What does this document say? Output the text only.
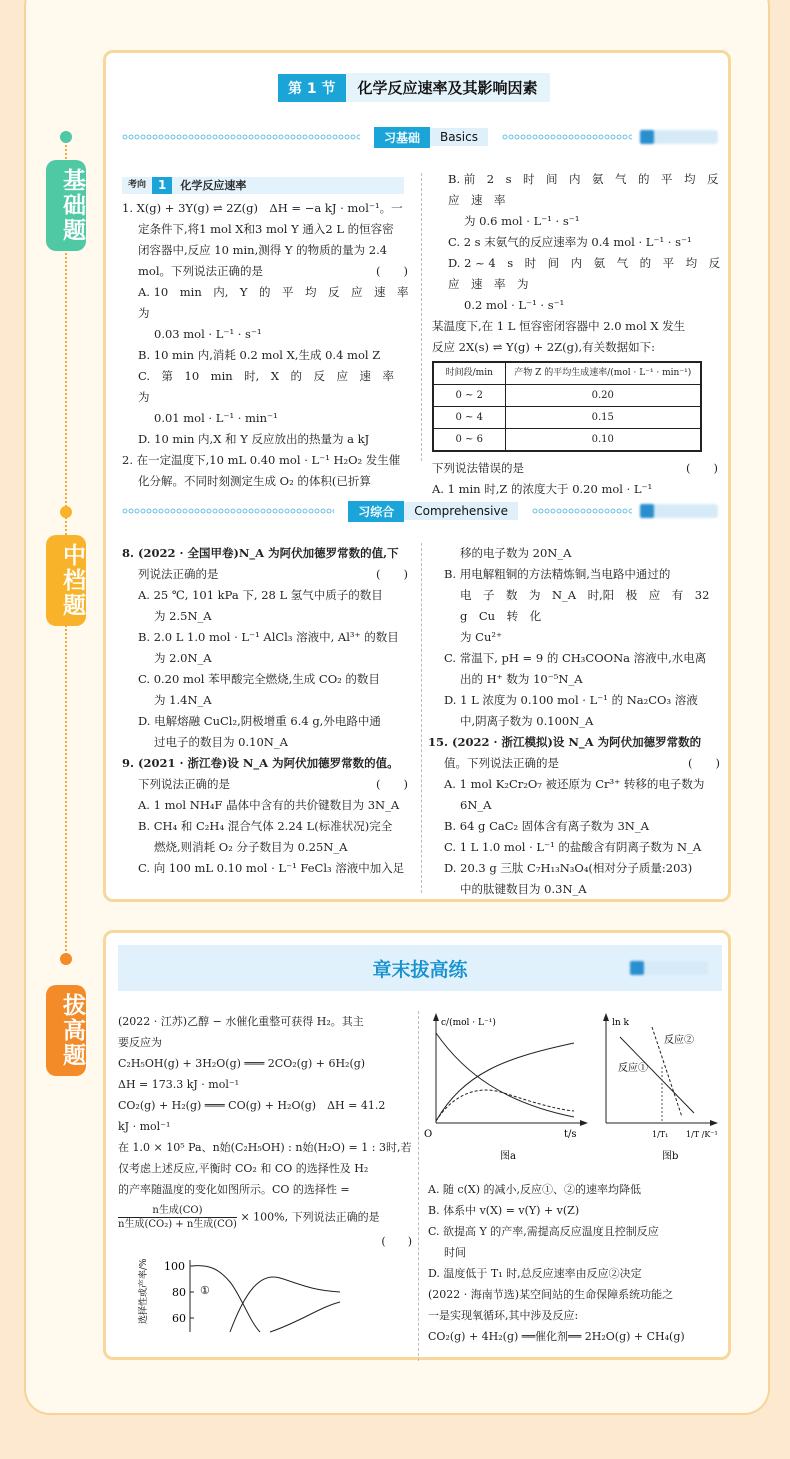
基础题
中档题
拔高题
第 1 节	化学反应速率及其影响因素
习基础	Basics
考向	1	化学反应速率

1. X(g) + 3Y(g) ⇌ 2Z(g)　ΔH = −a kJ · mol⁻¹。一

定条件下,将1 mol X和3 mol Y 通入2 L 的恒容密

闭容器中,反应 10 min,测得 Y 的物质的量为 2.4

(　　)

mol。下列说法正确的是

A. 10　min　内,　Y　的　平　均　反　应　速　率　为

0.03 mol · L⁻¹ · s⁻¹

B. 10 min 内,消耗 0.2 mol X,生成 0.4 mol Z

C.　第　10　min　时,　X　的　反　应　速　率　为

0.01 mol · L⁻¹ · min⁻¹

D. 10 min 内,X 和 Y 反应放出的热量为 a kJ

2. 在一定温度下,10 mL 0.40 mol · L⁻¹ H₂O₂ 发生催

化分解。不同时刻测定生成 O₂ 的体积(已折算

B. 前　2　s　时　间　内　氨　气　的　平　均　反　应　速　率

为 0.6 mol · L⁻¹ · s⁻¹

C. 2 s 末氨气的反应速率为 0.4 mol · L⁻¹ · s⁻¹

D. 2 ~ 4　s　时　间　内　氨　气　的　平　均　反　应　速　率　为

0.2 mol · L⁻¹ · s⁻¹

某温度下,在 1 L 恒容密闭容器中 2.0 mol X 发生

反应 2X(s) ⇌ Y(g) + 2Z(g),有关数据如下:

时间段/min	产物 Z 的平均生成速率/(mol · L⁻¹ · min⁻¹)
0 ~ 2	0.20
0 ~ 4	0.15
0 ~ 6	0.10
(　　)

下列说法错误的是

A. 1 min 时,Z 的浓度大于 0.20 mol · L⁻¹

习综合	Comprehensive

8. (2022 · 全国甲卷)N_A 为阿伏加德罗常数的值,下

(　　)

列说法正确的是

A. 25 ℃, 101 kPa 下, 28 L 氢气中质子的数目

为 2.5N_A

B. 2.0 L 1.0 mol · L⁻¹ AlCl₃ 溶液中, Al³⁺ 的数目

为 2.0N_A

C. 0.20 mol 苯甲酸完全燃烧,生成 CO₂ 的数目

为 1.4N_A

D. 电解熔融 CuCl₂,阴极增重 6.4 g,外电路中通

过电子的数目为 0.10N_A

9. (2021 · 浙江卷)设 N_A 为阿伏加德罗常数的值。

(　　)

下列说法正确的是

A. 1 mol NH₄F 晶体中含有的共价键数目为 3N_A

B. CH₄ 和 C₂H₄ 混合气体 2.24 L(标准状况)完全

燃烧,则消耗 O₂ 分子数目为 0.25N_A

C. 向 100 mL 0.10 mol · L⁻¹ FeCl₃ 溶液中加入足

移的电子数为 20N_A

B. 用电解粗铜的方法精炼铜,当电路中通过的

电　子　数　为　N_A　时,阳　极　应　有　32　g　Cu　转　化

为 Cu²⁺

C. 常温下, pH = 9 的 CH₃COONa 溶液中,水电离

出的 H⁺ 数为 10⁻⁵N_A

D. 1 L 浓度为 0.100 mol · L⁻¹ 的 Na₂CO₃ 溶液

中,阴离子数为 0.100N_A

15. (2022 · 浙江模拟)设 N_A 为阿伏加德罗常数的

(　　)

值。下列说法正确的是

A. 1 mol K₂Cr₂O₇ 被还原为 Cr³⁺ 转移的电子数为

6N_A

B. 64 g CaC₂ 固体含有离子数为 3N_A

C. 1 L 1.0 mol · L⁻¹ 的盐酸含有阴离子数为 N_A

D. 20.3 g 三肽 C₇H₁₃N₃O₄(相对分子质量:203)

中的肽键数目为 0.3N_A

章末拔高练

(2022 · 江苏)乙醇 − 水催化重整可获得 H₂。其主

要反应为

C₂H₅OH(g) + 3H₂O(g) ═══ 2CO₂(g) + 6H₂(g)

ΔH = 173.3 kJ · mol⁻¹

CO₂(g) + H₂(g) ═══ CO(g) + H₂O(g)　ΔH = 41.2

kJ · mol⁻¹

在 1.0 × 10⁵ Pa、n始(C₂H₅OH) : n始(H₂O) = 1 : 3时,若

仅考虑上述反应,平衡时 CO₂ 和 CO 的选择性及 H₂

的产率随温度的变化如图所示。CO 的选择性 =

$\frac{\text{n生成(CO)}}{\text{n生成(CO₂) + n生成(CO)}} \times 100\%$, 下列说法正确的是

(　　)

100
80
60
①
选择性或产率/%
c/(mol · L⁻¹)
O	t/s
图a
ln k
反应②
反应①
1/T₁ 1/T /K⁻¹
图b

A. 随 c(X) 的减小,反应①、②的速率均降低

B. 体系中 v(X) = v(Y) + v(Z)

C. 欲提高 Y 的产率,需提高反应温度且控制反应

时间

D. 温度低于 T₁ 时,总反应速率由反应②决定

(2022 · 海南节选)某空间站的生命保障系统功能之

一是实现氧循环,其中涉及反应:

CO₂(g) + 4H₂(g) ══催化剂══ 2H₂O(g) + CH₄(g)
